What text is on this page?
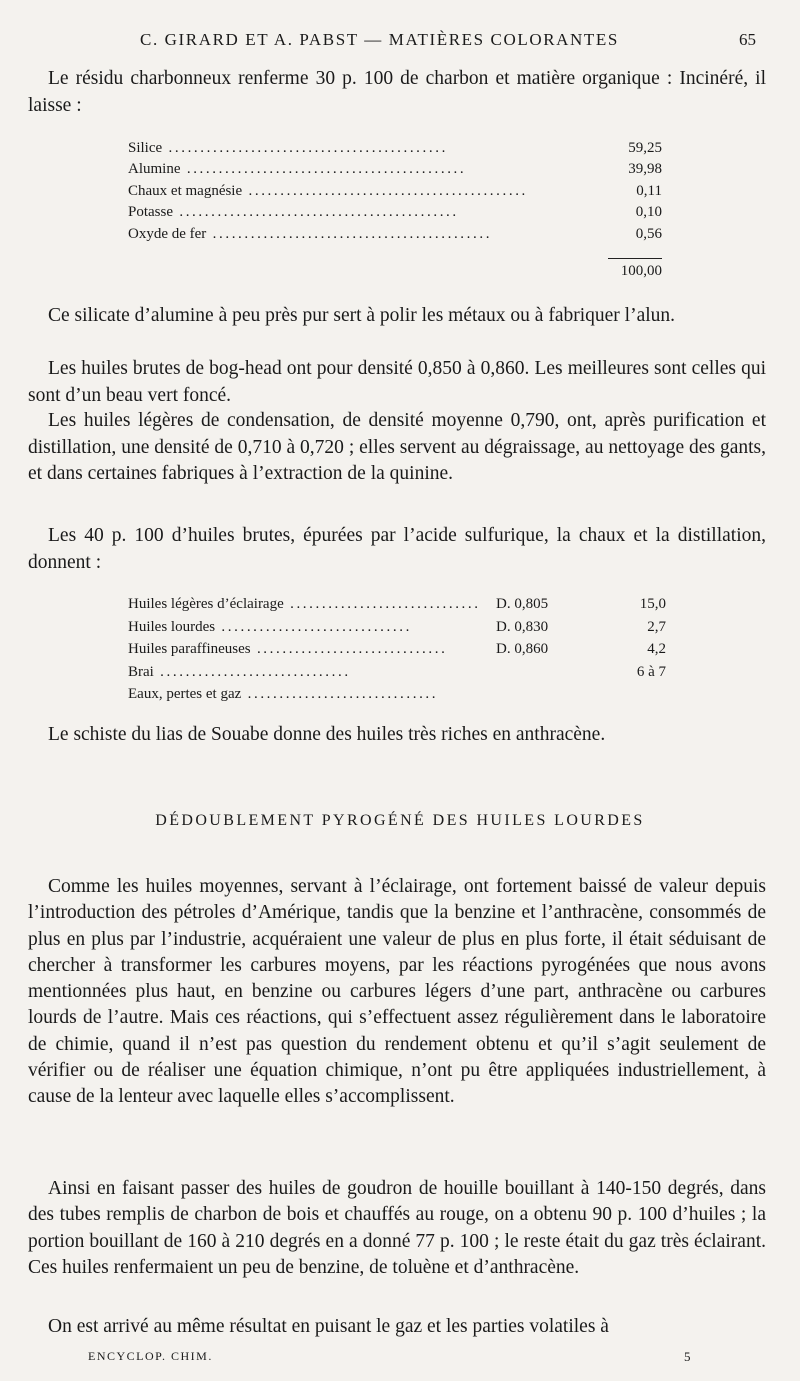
C. GIRARD ET A. PABST — MATIÈRES COLORANTES	65

Le résidu charbonneux renferme 30 p. 100 de charbon et matière organique : Incinéré, il laisse :

Silice ............................................	59,25
Alumine ............................................	39,98
Chaux et magnésie ............................................	0,11
Potasse ............................................	0,10
Oxyde de fer ............................................	0,56
100,00

Ce silicate d’alumine à peu près pur sert à polir les métaux ou à fabriquer l’alun.

Les huiles brutes de bog-head ont pour densité 0,850 à 0,860. Les meilleures sont celles qui sont d’un beau vert foncé.

Les huiles légères de condensation, de densité moyenne 0,790, ont, après purification et distillation, une densité de 0,710 à 0,720 ; elles servent au dégraissage, au nettoyage des gants, et dans certaines fabriques à l’extraction de la quinine.

Les 40 p. 100 d’huiles brutes, épurées par l’acide sulfurique, la chaux et la distillation, donnent :

Huiles légères d’éclairage .............................. D. 0,805	15,0
Huiles lourdes ..............................	D. 0,830	2,7
Huiles paraffineuses ..............................	D. 0,860	4,2
Brai ..............................	6 à 7
Eaux, pertes et gaz ..............................

Le schiste du lias de Souabe donne des huiles très riches en anthracène.

DÉDOUBLEMENT PYROGÉNÉ DES HUILES LOURDES

Comme les huiles moyennes, servant à l’éclairage, ont fortement baissé de valeur depuis l’introduction des pétroles d’Amérique, tandis que la benzine et l’anthracène, consommés de plus en plus par l’industrie, acquéraient une valeur de plus en plus forte, il était séduisant de chercher à transformer les carbures moyens, par les réactions pyrogénées que nous avons mentionnées plus haut, en benzine ou carbures légers d’une part, anthracène ou carbures lourds de l’autre. Mais ces réactions, qui s’effectuent assez régulièrement dans le laboratoire de chimie, quand il n’est pas question du rendement obtenu et qu’il s’agit seulement de vérifier ou de réaliser une équation chimique, n’ont pu être appliquées industriellement, à cause de la lenteur avec laquelle elles s’accomplissent.

Ainsi en faisant passer des huiles de goudron de houille bouillant à 140-150 degrés, dans des tubes remplis de charbon de bois et chauffés au rouge, on a obtenu 90 p. 100 d’huiles ; la portion bouillant de 160 à 210 degrés en a donné 77 p. 100 ; le reste était du gaz très éclairant. Ces huiles renfermaient un peu de benzine, de toluène et d’anthracène.

On est arrivé au même résultat en puisant le gaz et les parties volatiles à

ENCYCLOP. CHIM.	5
